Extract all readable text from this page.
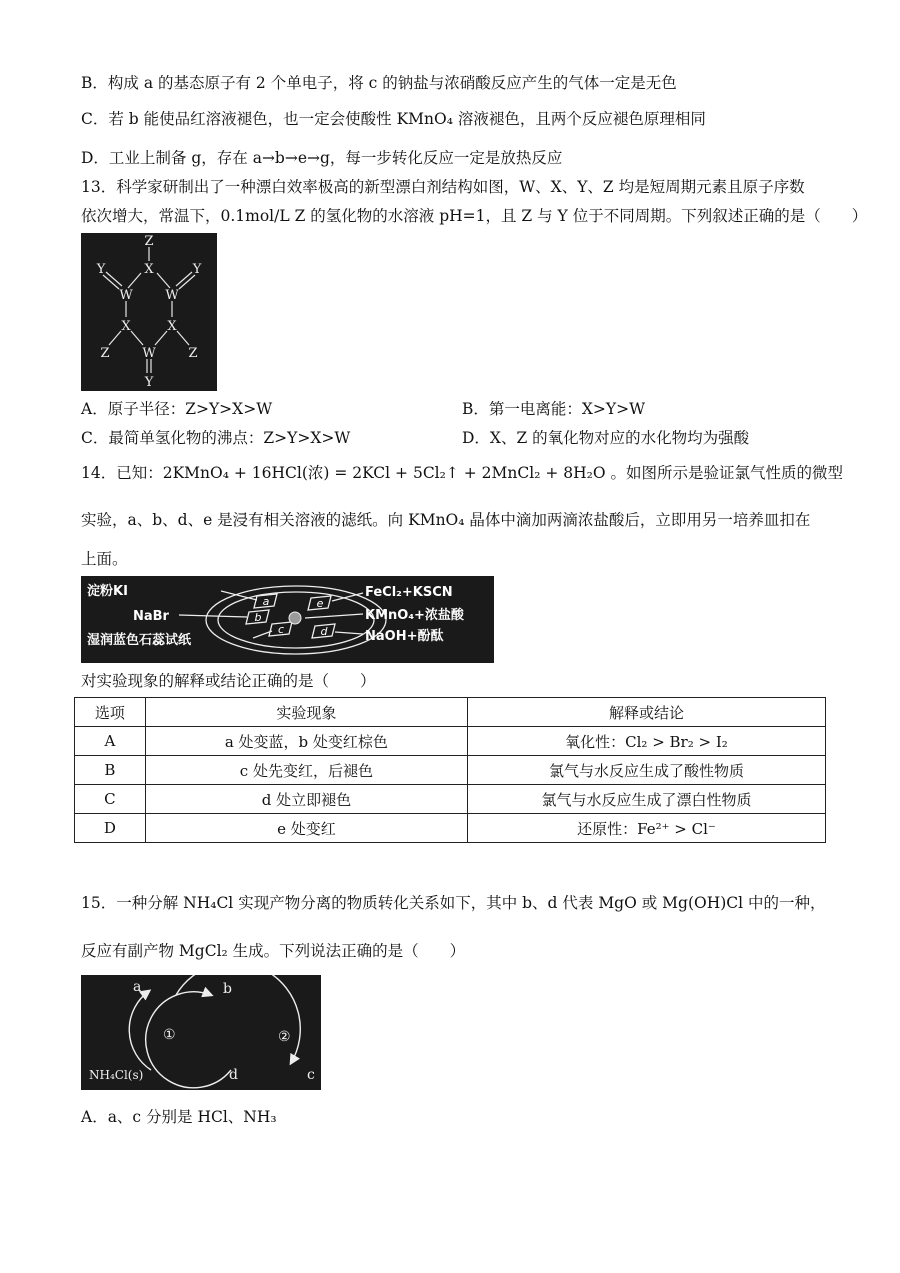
B．构成 a 的基态原子有 2 个单电子，将 c 的钠盐与浓硝酸反应产生的气体一定是无色
C．若 b 能使品红溶液褪色，也一定会使酸性 KMnO₄ 溶液褪色，且两个反应褪色原理相同
D．工业上制备 g，存在 a→b→e→g，每一步转化反应一定是放热反应
13．科学家研制出了一种漂白效率极高的新型漂白剂结构如图，W、X、Y、Z 均是短周期元素且原子序数
依次增大，常温下，0.1mol/L Z 的氢化物的水溶液 pH=1，且 Z 与 Y 位于不同周期。下列叙述正确的是（　　）
Z
X
Y	Y
W	W
X	X
Z	Z
W
Y
A．原子半径：Z>Y>X>W	B．第一电离能：X>Y>W
C．最简单氢化物的沸点：Z>Y>X>W	D．X、Z 的氧化物对应的水化物均为强酸
14．已知：2KMnO₄ + 16HCl(浓) = 2KCl + 5Cl₂↑ + 2MnCl₂ + 8H₂O 。如图所示是验证氯气性质的微型
实验，a、b、d、e 是浸有相关溶液的滤纸。向 KMnO₄ 晶体中滴加两滴浓盐酸后，立即用另一培养皿扣在
上面。
淀粉KI
NaBr
湿润蓝色石蕊试纸
FeCl₂+KSCN
KMnO₄+浓盐酸
NaOH+酚酞
a
b
c	d
e
对实验现象的解释或结论正确的是（　　）
选项	实验现象	解释或结论
A	a 处变蓝，b 处变红棕色	氧化性：Cl₂ > Br₂ > I₂
B	c 处先变红，后褪色	氯气与水反应生成了酸性物质
C	d 处立即褪色	氯气与水反应生成了漂白性物质
D	e 处变红	还原性：Fe²⁺ > Cl⁻
15．一种分解 NH₄Cl 实现产物分离的物质转化关系如下，其中 b、d 代表 MgO 或 Mg(OH)Cl 中的一种，
反应有副产物 MgCl₂ 生成。下列说法正确的是（　　）
a	b
d	c
①	②
NH₄Cl(s)
A．a、c 分别是 HCl、NH₃
